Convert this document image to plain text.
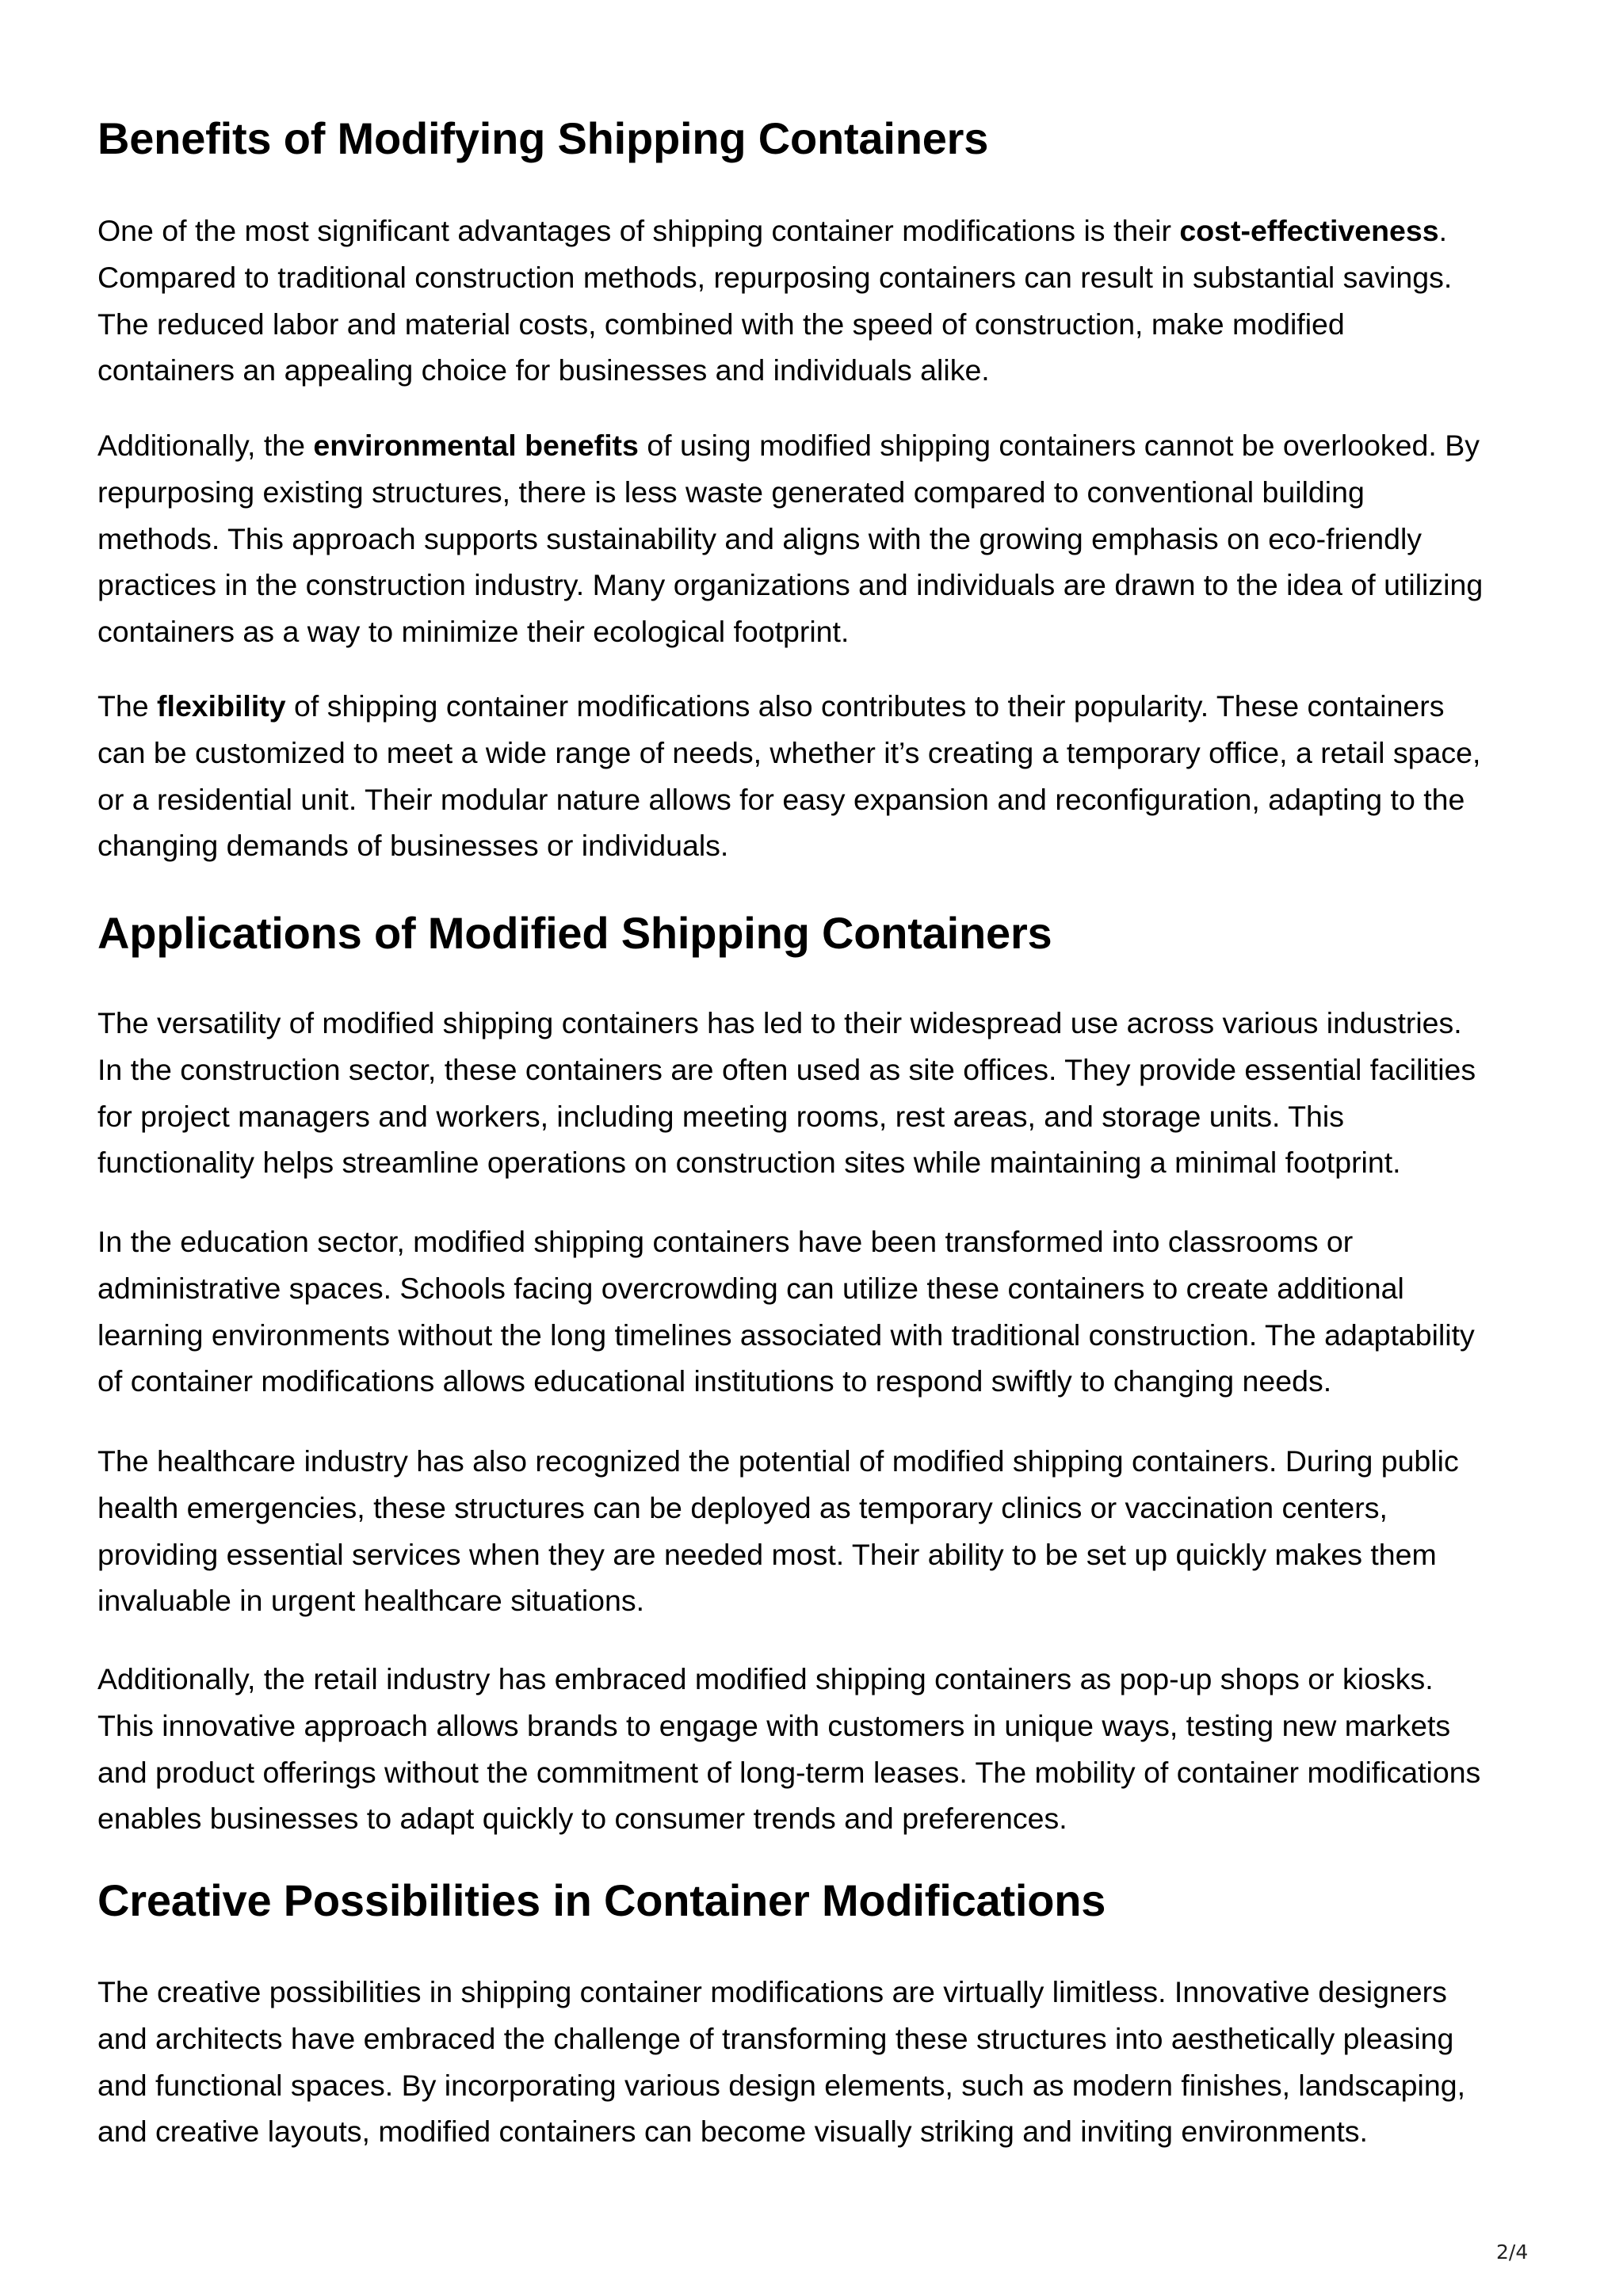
Benefits of Modifying Shipping Containers

One of the most significant advantages of shipping container modifications is their cost-effectiveness.
Compared to traditional construction methods, repurposing containers can result in substantial savings.
The reduced labor and material costs, combined with the speed of construction, make modified
containers an appealing choice for businesses and individuals alike.

Additionally, the environmental benefits of using modified shipping containers cannot be overlooked. By
repurposing existing structures, there is less waste generated compared to conventional building
methods. This approach supports sustainability and aligns with the growing emphasis on eco-friendly
practices in the construction industry. Many organizations and individuals are drawn to the idea of utilizing
containers as a way to minimize their ecological footprint.

The flexibility of shipping container modifications also contributes to their popularity. These containers
can be customized to meet a wide range of needs, whether it’s creating a temporary office, a retail space,
or a residential unit. Their modular nature allows for easy expansion and reconfiguration, adapting to the
changing demands of businesses or individuals.

Applications of Modified Shipping Containers

The versatility of modified shipping containers has led to their widespread use across various industries.
In the construction sector, these containers are often used as site offices. They provide essential facilities
for project managers and workers, including meeting rooms, rest areas, and storage units. This
functionality helps streamline operations on construction sites while maintaining a minimal footprint.

In the education sector, modified shipping containers have been transformed into classrooms or
administrative spaces. Schools facing overcrowding can utilize these containers to create additional
learning environments without the long timelines associated with traditional construction. The adaptability
of container modifications allows educational institutions to respond swiftly to changing needs.

The healthcare industry has also recognized the potential of modified shipping containers. During public
health emergencies, these structures can be deployed as temporary clinics or vaccination centers,
providing essential services when they are needed most. Their ability to be set up quickly makes them
invaluable in urgent healthcare situations.

Additionally, the retail industry has embraced modified shipping containers as pop-up shops or kiosks.
This innovative approach allows brands to engage with customers in unique ways, testing new markets
and product offerings without the commitment of long-term leases. The mobility of container modifications
enables businesses to adapt quickly to consumer trends and preferences.

Creative Possibilities in Container Modifications

The creative possibilities in shipping container modifications are virtually limitless. Innovative designers
and architects have embraced the challenge of transforming these structures into aesthetically pleasing
and functional spaces. By incorporating various design elements, such as modern finishes, landscaping,
and creative layouts, modified containers can become visually striking and inviting environments.

2/4
